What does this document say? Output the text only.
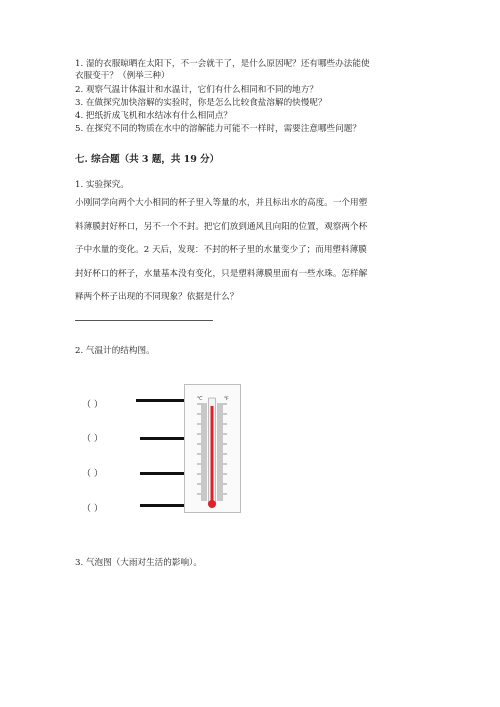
1. 湿的衣服晾晒在太阳下，不一会就干了，是什么原因呢？还有哪些办法能使
衣服变干？（例举三种）
2. 观察气温计体温计和水温计，它们有什么相同和不同的地方？
3. 在做探究加快溶解的实验时，你是怎么比较食盐溶解的快慢呢？
4. 把纸折成飞机和水结冰有什么相同点？
5. 在探究不同的物质在水中的溶解能力可能不一样时，需要注意哪些问题？
七. 综合题（共 3 题，共 19 分）
1. 实验探究。
小刚同学向两个大小相同的杯子里入等量的水，并且标出水的高度。一个用塑
料薄膜封好杯口，另不一个不封。把它们放到通风且向阳的位置，观察两个杯
子中水量的变化。2 天后，发现：不封的杯子里的水量变少了；而用塑料薄膜
封好杯口的杯子，水量基本没有变化，只是塑料薄膜里面有一些水珠。怎样解
释两个杯子出现的不同现象？依据是什么？
2. 气温计的结构图。
（ ）
（ ）
（ ）
（ ）
℃	℉
3. 气泡图（大雨对生活的影响）。
